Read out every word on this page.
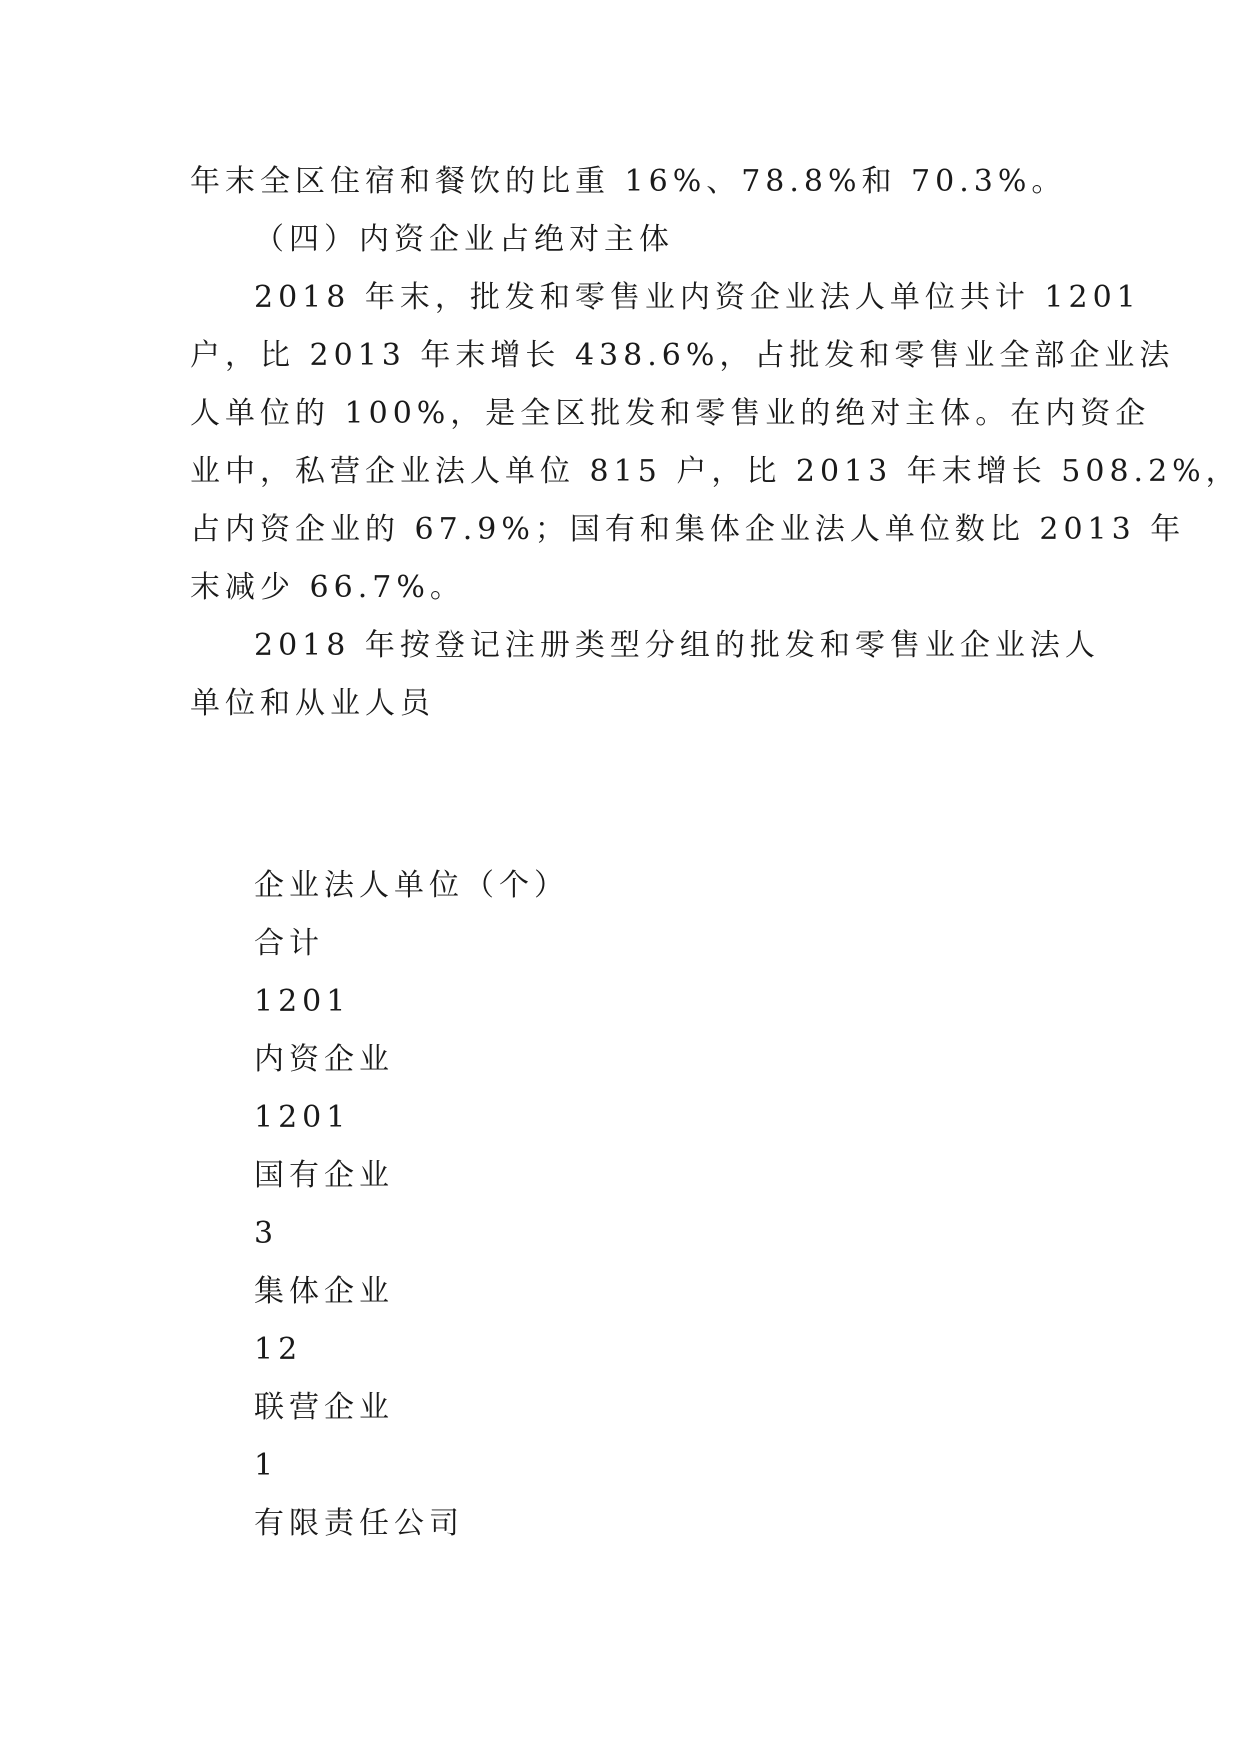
年末全区住宿和餐饮的比重 16%、78.8%和 70.3%。

（四）内资企业占绝对主体

2018 年末，批发和零售业内资企业法人单位共计 1201

户，比 2013 年末增长 438.6%，占批发和零售业全部企业法

人单位的 100%，是全区批发和零售业的绝对主体。在内资企

业中，私营企业法人单位 815 户，比 2013 年末增长 508.2%，

占内资企业的 67.9%；国有和集体企业法人单位数比 2013 年

末减少 66.7%。

2018 年按登记注册类型分组的批发和零售业企业法人

单位和从业人员

企业法人单位（个）

合计

1201

内资企业

1201

国有企业

3

集体企业

12

联营企业

1

有限责任公司
